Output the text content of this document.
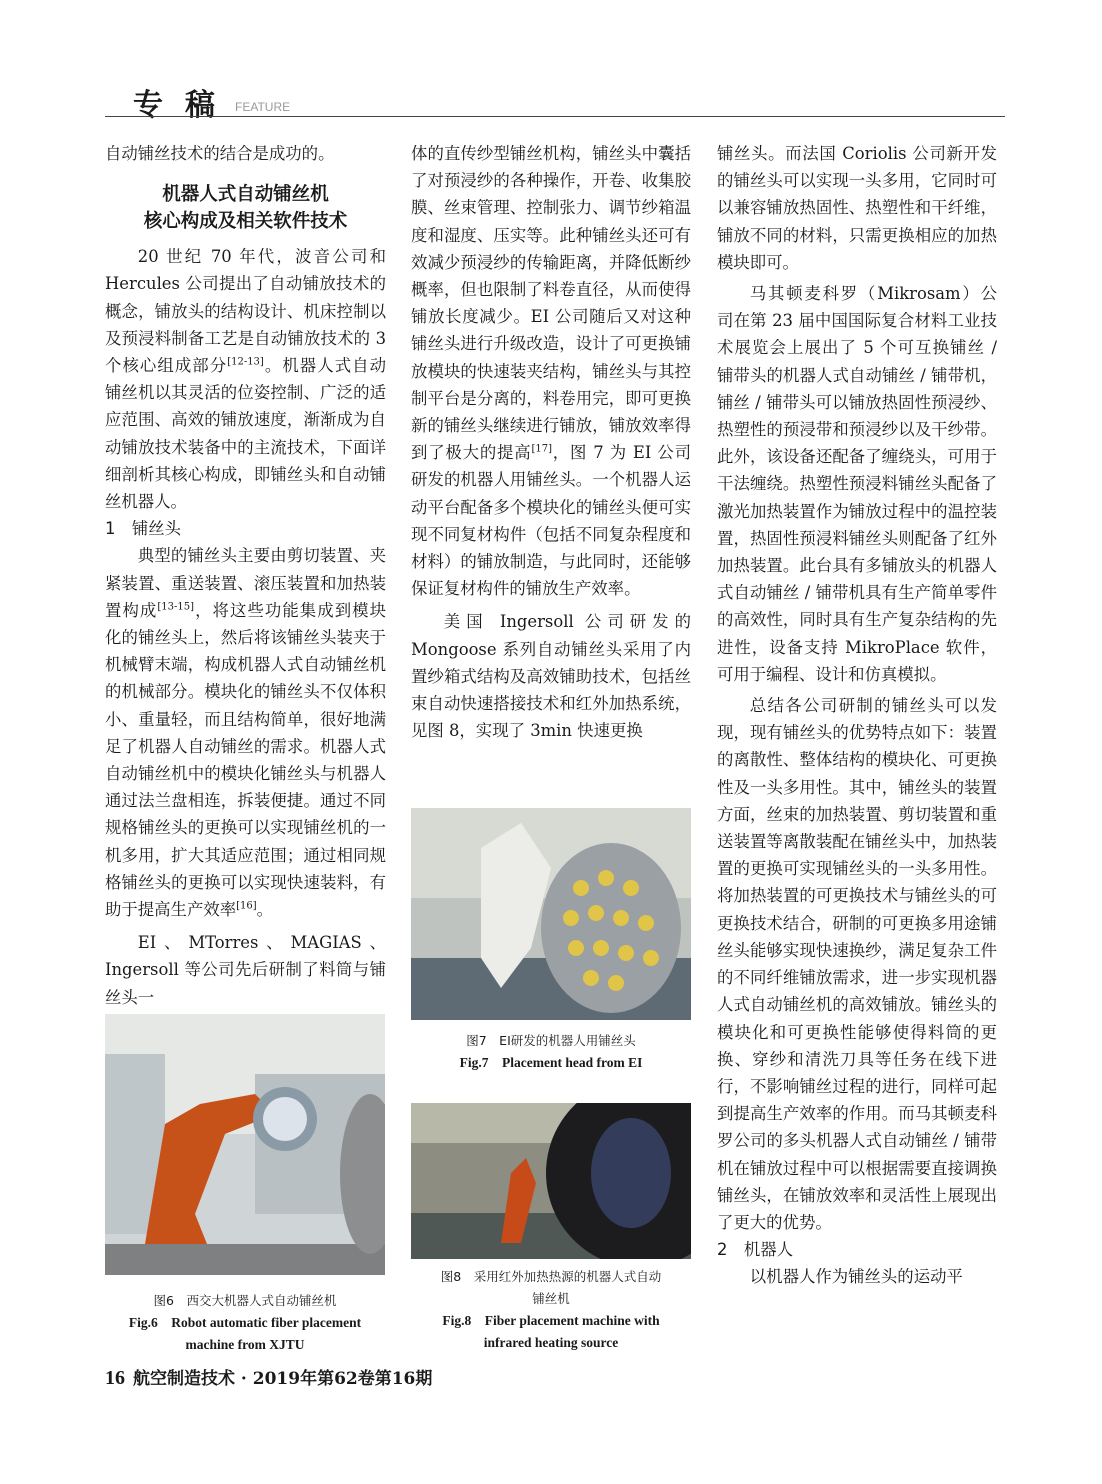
专稿
FEATURE

自动铺丝技术的结合是成功的。

机器人式自动铺丝机
核心构成及相关软件技术

20 世纪 70 年代，波音公司和 Hercules 公司提出了自动铺放技术的概念，铺放头的结构设计、机床控制以及预浸料制备工艺是自动铺放技术的 3 个核心组成部分[12-13]。机器人式自动铺丝机以其灵活的位姿控制、广泛的适应范围、高效的铺放速度，渐渐成为自动铺放技术装备中的主流技术，下面详细剖析其核心构成，即铺丝头和自动铺丝机器人。

1　铺丝头

典型的铺丝头主要由剪切装置、夹紧装置、重送装置、滚压装置和加热装置构成[13-15]，将这些功能集成到模块化的铺丝头上，然后将该铺丝头装夹于机械臂末端，构成机器人式自动铺丝机的机械部分。模块化的铺丝头不仅体积小、重量轻，而且结构简单，很好地满足了机器人自动铺丝的需求。机器人式自动铺丝机中的模块化铺丝头与机器人通过法兰盘相连，拆装便捷。通过不同规格铺丝头的更换可以实现铺丝机的一机多用，扩大其适应范围；通过相同规格铺丝头的更换可以实现快速装料，有助于提高生产效率[16]。

EI、MTorres、MAGIAS、Ingersoll 等公司先后研制了料筒与铺丝头一

体的直传纱型铺丝机构，铺丝头中囊括了对预浸纱的各种操作，开卷、收集胶膜、丝束管理、控制张力、调节纱箱温度和湿度、压实等。此种铺丝头还可有效减少预浸纱的传输距离，并降低断纱概率，但也限制了料卷直径，从而使得铺放长度减少。EI 公司随后又对这种铺丝头进行升级改造，设计了可更换铺放模块的快速装夹结构，铺丝头与其控制平台是分离的，料卷用完，即可更换新的铺丝头继续进行铺放，铺放效率得到了极大的提高[17]，图 7 为 EI 公司研发的机器人用铺丝头。一个机器人运动平台配备多个模块化的铺丝头便可实现不同复材构件（包括不同复杂程度和材料）的铺放制造，与此同时，还能够保证复材构件的铺放生产效率。

美国 Ingersoll 公司研发的 Mongoose 系列自动铺丝头采用了内置纱箱式结构及高效铺助技术，包括丝束自动快速搭接技术和红外加热系统，见图 8，实现了 3min 快速更换

铺丝头。而法国 Coriolis 公司新开发的铺丝头可以实现一头多用，它同时可以兼容铺放热固性、热塑性和干纤维，铺放不同的材料，只需更换相应的加热模块即可。

马其顿麦科罗（Mikrosam）公司在第 23 届中国国际复合材料工业技术展览会上展出了 5 个可互换铺丝 / 铺带头的机器人式自动铺丝 / 铺带机，铺丝 / 铺带头可以铺放热固性预浸纱、热塑性的预浸带和预浸纱以及干纱带。此外，该设备还配备了缠绕头，可用于干法缠绕。热塑性预浸料铺丝头配备了激光加热装置作为铺放过程中的温控装置，热固性预浸料铺丝头则配备了红外加热装置。此台具有多铺放头的机器人式自动铺丝 / 铺带机具有生产简单零件的高效性，同时具有生产复杂结构的先进性，设备支持 MikroPlace 软件，可用于编程、设计和仿真模拟。

总结各公司研制的铺丝头可以发现，现有铺丝头的优势特点如下：装置的离散性、整体结构的模块化、可更换性及一头多用性。其中，铺丝头的装置方面，丝束的加热装置、剪切装置和重送装置等离散装配在铺丝头中，加热装置的更换可实现铺丝头的一头多用性。将加热装置的可更换技术与铺丝头的可更换技术结合，研制的可更换多用途铺丝头能够实现快速换纱，满足复杂工件的不同纤维铺放需求，进一步实现机器人式自动铺丝机的高效铺放。铺丝头的模块化和可更换性能够使得料筒的更换、穿纱和清洗刀具等任务在线下进行，不影响铺丝过程的进行，同样可起到提高生产效率的作用。而马其顿麦科罗公司的多头机器人式自动铺丝 / 铺带机在铺放过程中可以根据需要直接调换铺丝头，在铺放效率和灵活性上展现出了更大的优势。

2　机器人

以机器人作为铺丝头的运动平

图6　西交大机器人式自动铺丝机
Fig.6　Robot automatic fiber placement
machine from XJTU
图7　EI研发的机器人用铺丝头
Fig.7　Placement head from EI
图8　采用红外加热热源的机器人式自动
铺丝机
Fig.8　Fiber placement machine with
infrared heating source
16 航空制造技术 · 2019年第62卷第16期
